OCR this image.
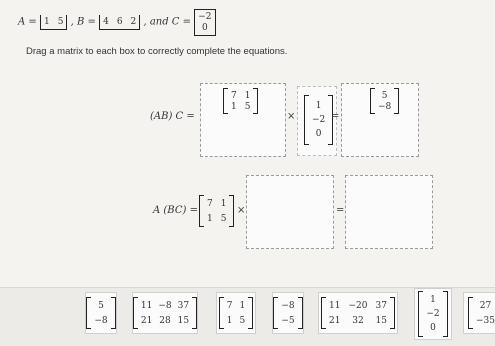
A = 1 5 , B = 4 6 2 , and C = −2
0
Drag a matrix to each box to correctly complete the equations.
(AB) C =
7 1
1 5
×
1
−2
0
=
5
−8
A (BC) =
7 1
1 5
×	=
5
−8
11 −8 37
21 28 15
7 1
1 5
−8
−5
11 −20 37
21	32	15
1
−2
0
27
−35
